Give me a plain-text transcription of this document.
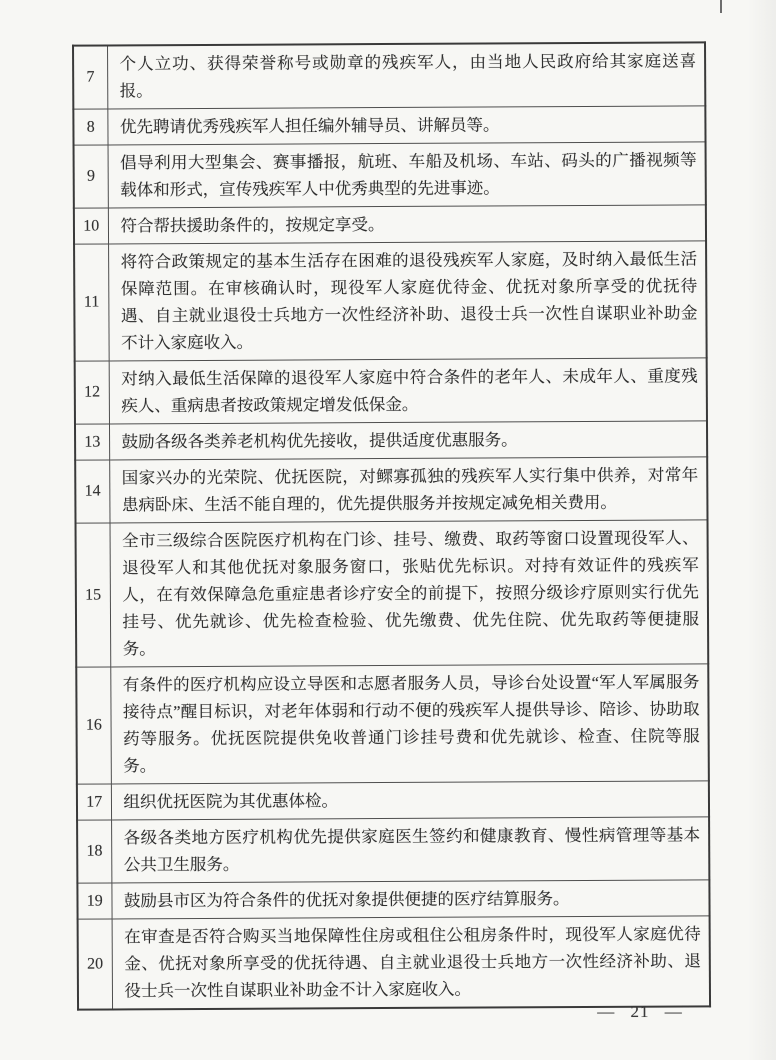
7	个人立功、获得荣誉称号或勋章的残疾军人，由当地人民政府给其家庭送喜报。
8	优先聘请优秀残疾军人担任编外辅导员、讲解员等。
9	倡导利用大型集会、赛事播报，航班、车船及机场、车站、码头的广播视频等载体和形式，宣传残疾军人中优秀典型的先进事迹。
10	符合帮扶援助条件的，按规定享受。
11	将符合政策规定的基本生活存在困难的退役残疾军人家庭，及时纳入最低生活保障范围。在审核确认时，现役军人家庭优待金、优抚对象所享受的优抚待遇、自主就业退役士兵地方一次性经济补助、退役士兵一次性自谋职业补助金不计入家庭收入。
12	对纳入最低生活保障的退役军人家庭中符合条件的老年人、未成年人、重度残疾人、重病患者按政策规定增发低保金。
13	鼓励各级各类养老机构优先接收，提供适度优惠服务。
14	国家兴办的光荣院、优抚医院，对鳏寡孤独的残疾军人实行集中供养，对常年患病卧床、生活不能自理的，优先提供服务并按规定减免相关费用。
15	全市三级综合医院医疗机构在门诊、挂号、缴费、取药等窗口设置现役军人、退役军人和其他优抚对象服务窗口，张贴优先标识。对持有效证件的残疾军人，在有效保障急危重症患者诊疗安全的前提下，按照分级诊疗原则实行优先挂号、优先就诊、优先检查检验、优先缴费、优先住院、优先取药等便捷服务。
16	有条件的医疗机构应设立导医和志愿者服务人员，导诊台处设置“军人军属服务接待点”醒目标识，对老年体弱和行动不便的残疾军人提供导诊、陪诊、协助取药等服务。优抚医院提供免收普通门诊挂号费和优先就诊、检查、住院等服务。
17	组织优抚医院为其优惠体检。
18	各级各类地方医疗机构优先提供家庭医生签约和健康教育、慢性病管理等基本公共卫生服务。
19	鼓励县市区为符合条件的优抚对象提供便捷的医疗结算服务。
20	在审查是否符合购买当地保障性住房或租住公租房条件时，现役军人家庭优待金、优抚对象所享受的优抚待遇、自主就业退役士兵地方一次性经济补助、退役士兵一次性自谋职业补助金不计入家庭收入。
— 21 —
